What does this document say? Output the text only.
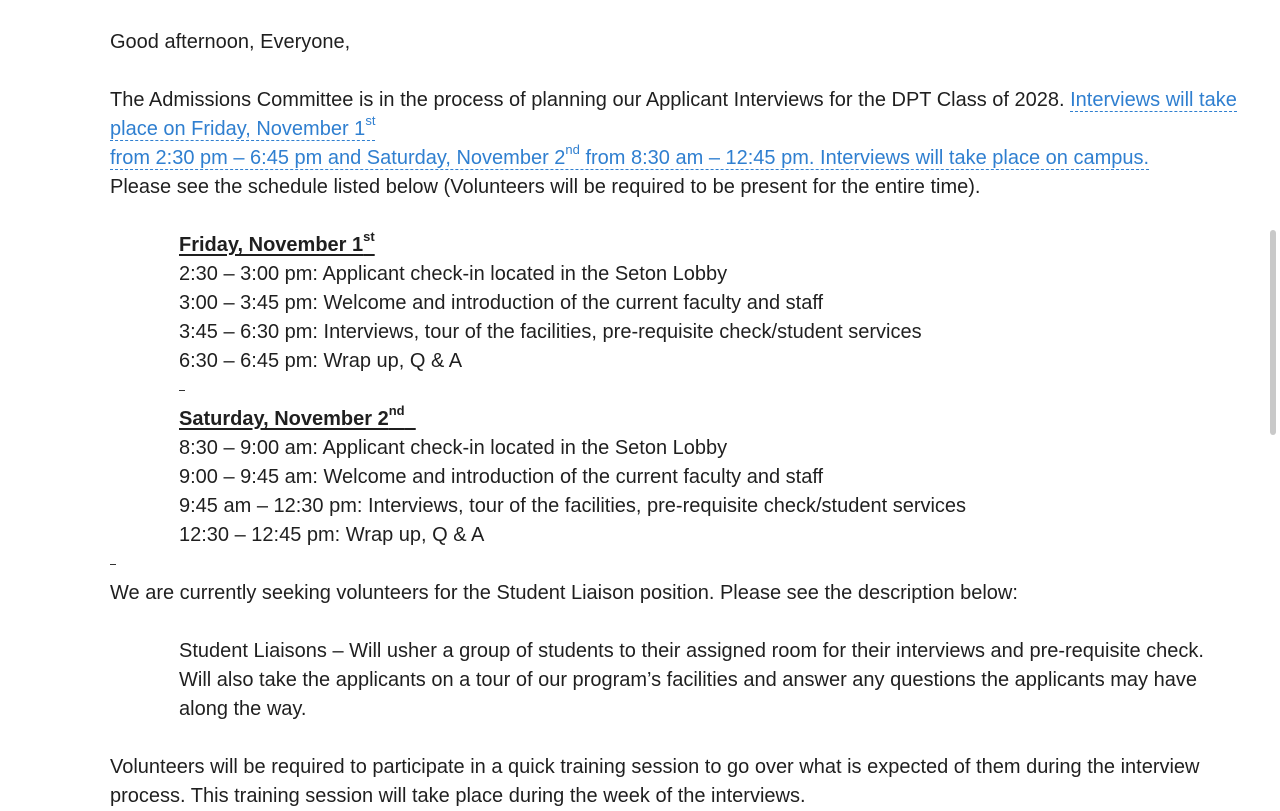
Good afternoon, Everyone,

The Admissions Committee is in the process of planning our Applicant Interviews for the DPT Class of 2028. Interviews will take place on Friday, November 1st
from 2:30 pm – 6:45 pm and Saturday, November 2nd from 8:30 am – 12:45 pm. Interviews will take place on campus.
Please see the schedule listed below (Volunteers will be required to be present for the entire time).

Friday, November 1st
2:30 – 3:00 pm: Applicant check-in located in the Seton Lobby
3:00 – 3:45 pm: Welcome and introduction of the current faculty and staff
3:45 – 6:30 pm: Interviews, tour of the facilities, pre-requisite check/student services
6:30 – 6:45 pm: Wrap up, Q & A
Saturday, November 2nd
8:30 – 9:00 am: Applicant check-in located in the Seton Lobby
9:00 – 9:45 am: Welcome and introduction of the current faculty and staff
9:45 am – 12:30 pm: Interviews, tour of the facilities, pre-requisite check/student services
12:30 – 12:45 pm: Wrap up, Q & A

We are currently seeking volunteers for the Student Liaison position. Please see the description below:

Student Liaisons – Will usher a group of students to their assigned room for their interviews and pre-requisite check. Will also take the applicants on a tour of our program’s facilities and answer any questions the applicants may have along the way.

Volunteers will be required to participate in a quick training session to go over what is expected of them during the interview process. This training session will take place during the week of the interviews.
